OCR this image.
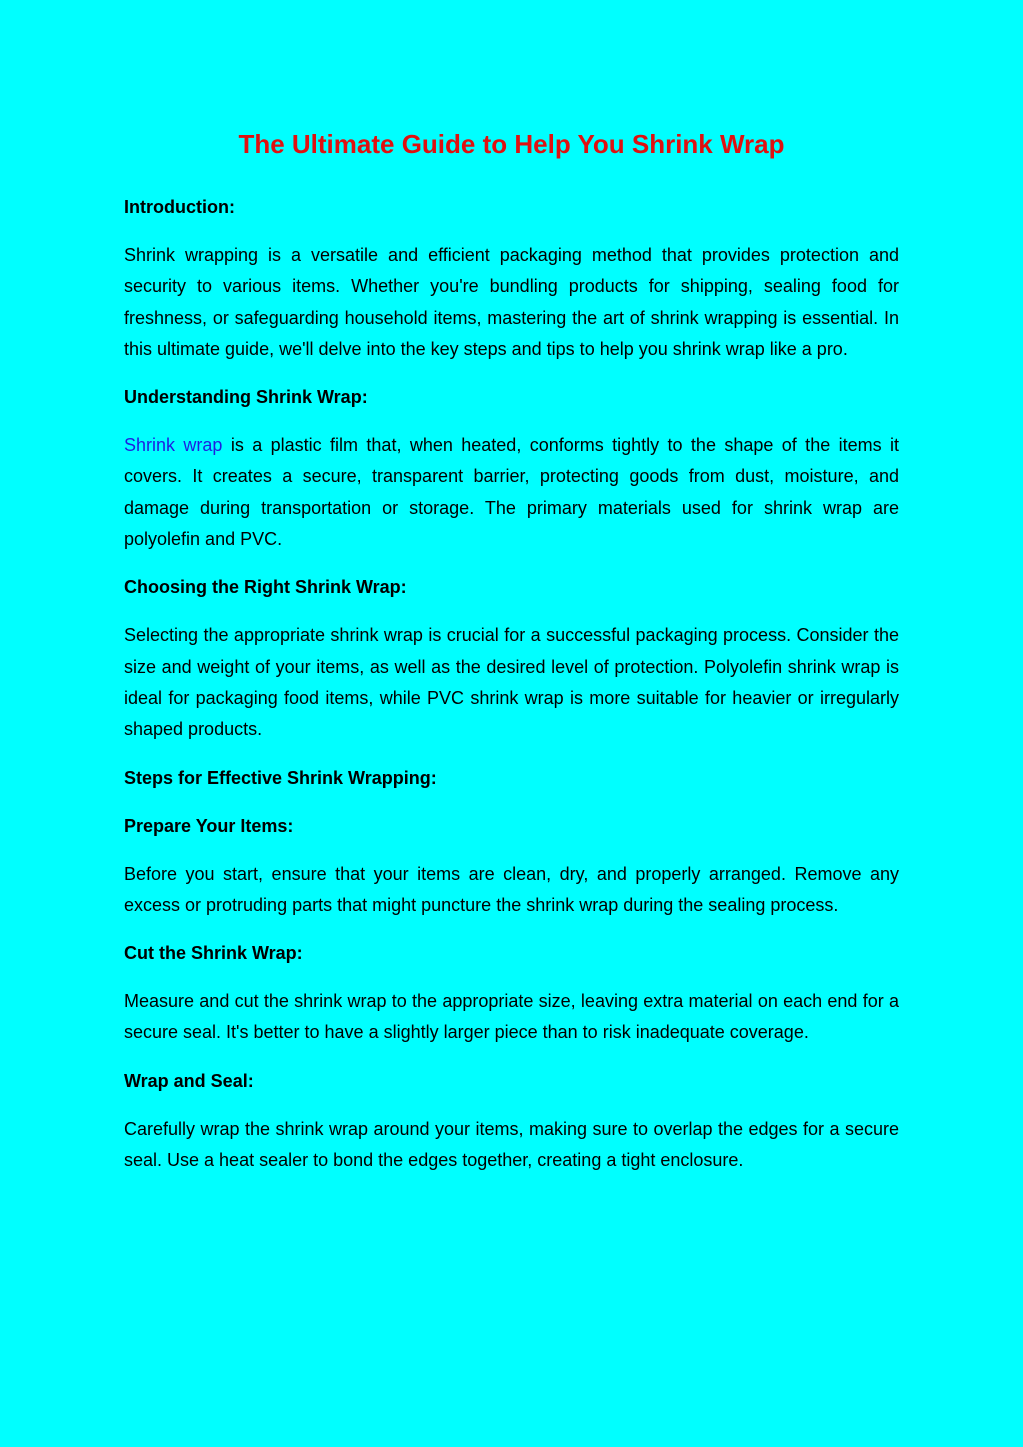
The Ultimate Guide to Help You Shrink Wrap
Introduction:

Shrink wrapping is a versatile and efficient packaging method that provides protection and security to various items. Whether you're bundling products for shipping, sealing food for freshness, or safeguarding household items, mastering the art of shrink wrapping is essential. In this ultimate guide, we'll delve into the key steps and tips to help you shrink wrap like a pro.

Understanding Shrink Wrap:

Shrink wrap is a plastic film that, when heated, conforms tightly to the shape of the items it covers. It creates a secure, transparent barrier, protecting goods from dust, moisture, and damage during transportation or storage. The primary materials used for shrink wrap are polyolefin and PVC.

Choosing the Right Shrink Wrap:

Selecting the appropriate shrink wrap is crucial for a successful packaging process. Consider the size and weight of your items, as well as the desired level of protection. Polyolefin shrink wrap is ideal for packaging food items, while PVC shrink wrap is more suitable for heavier or irregularly shaped products.

Steps for Effective Shrink Wrapping:
Prepare Your Items:

Before you start, ensure that your items are clean, dry, and properly arranged. Remove any excess or protruding parts that might puncture the shrink wrap during the sealing process.

Cut the Shrink Wrap:

Measure and cut the shrink wrap to the appropriate size, leaving extra material on each end for a secure seal. It's better to have a slightly larger piece than to risk inadequate coverage.

Wrap and Seal:

Carefully wrap the shrink wrap around your items, making sure to overlap the edges for a secure seal. Use a heat sealer to bond the edges together, creating a tight enclosure.
